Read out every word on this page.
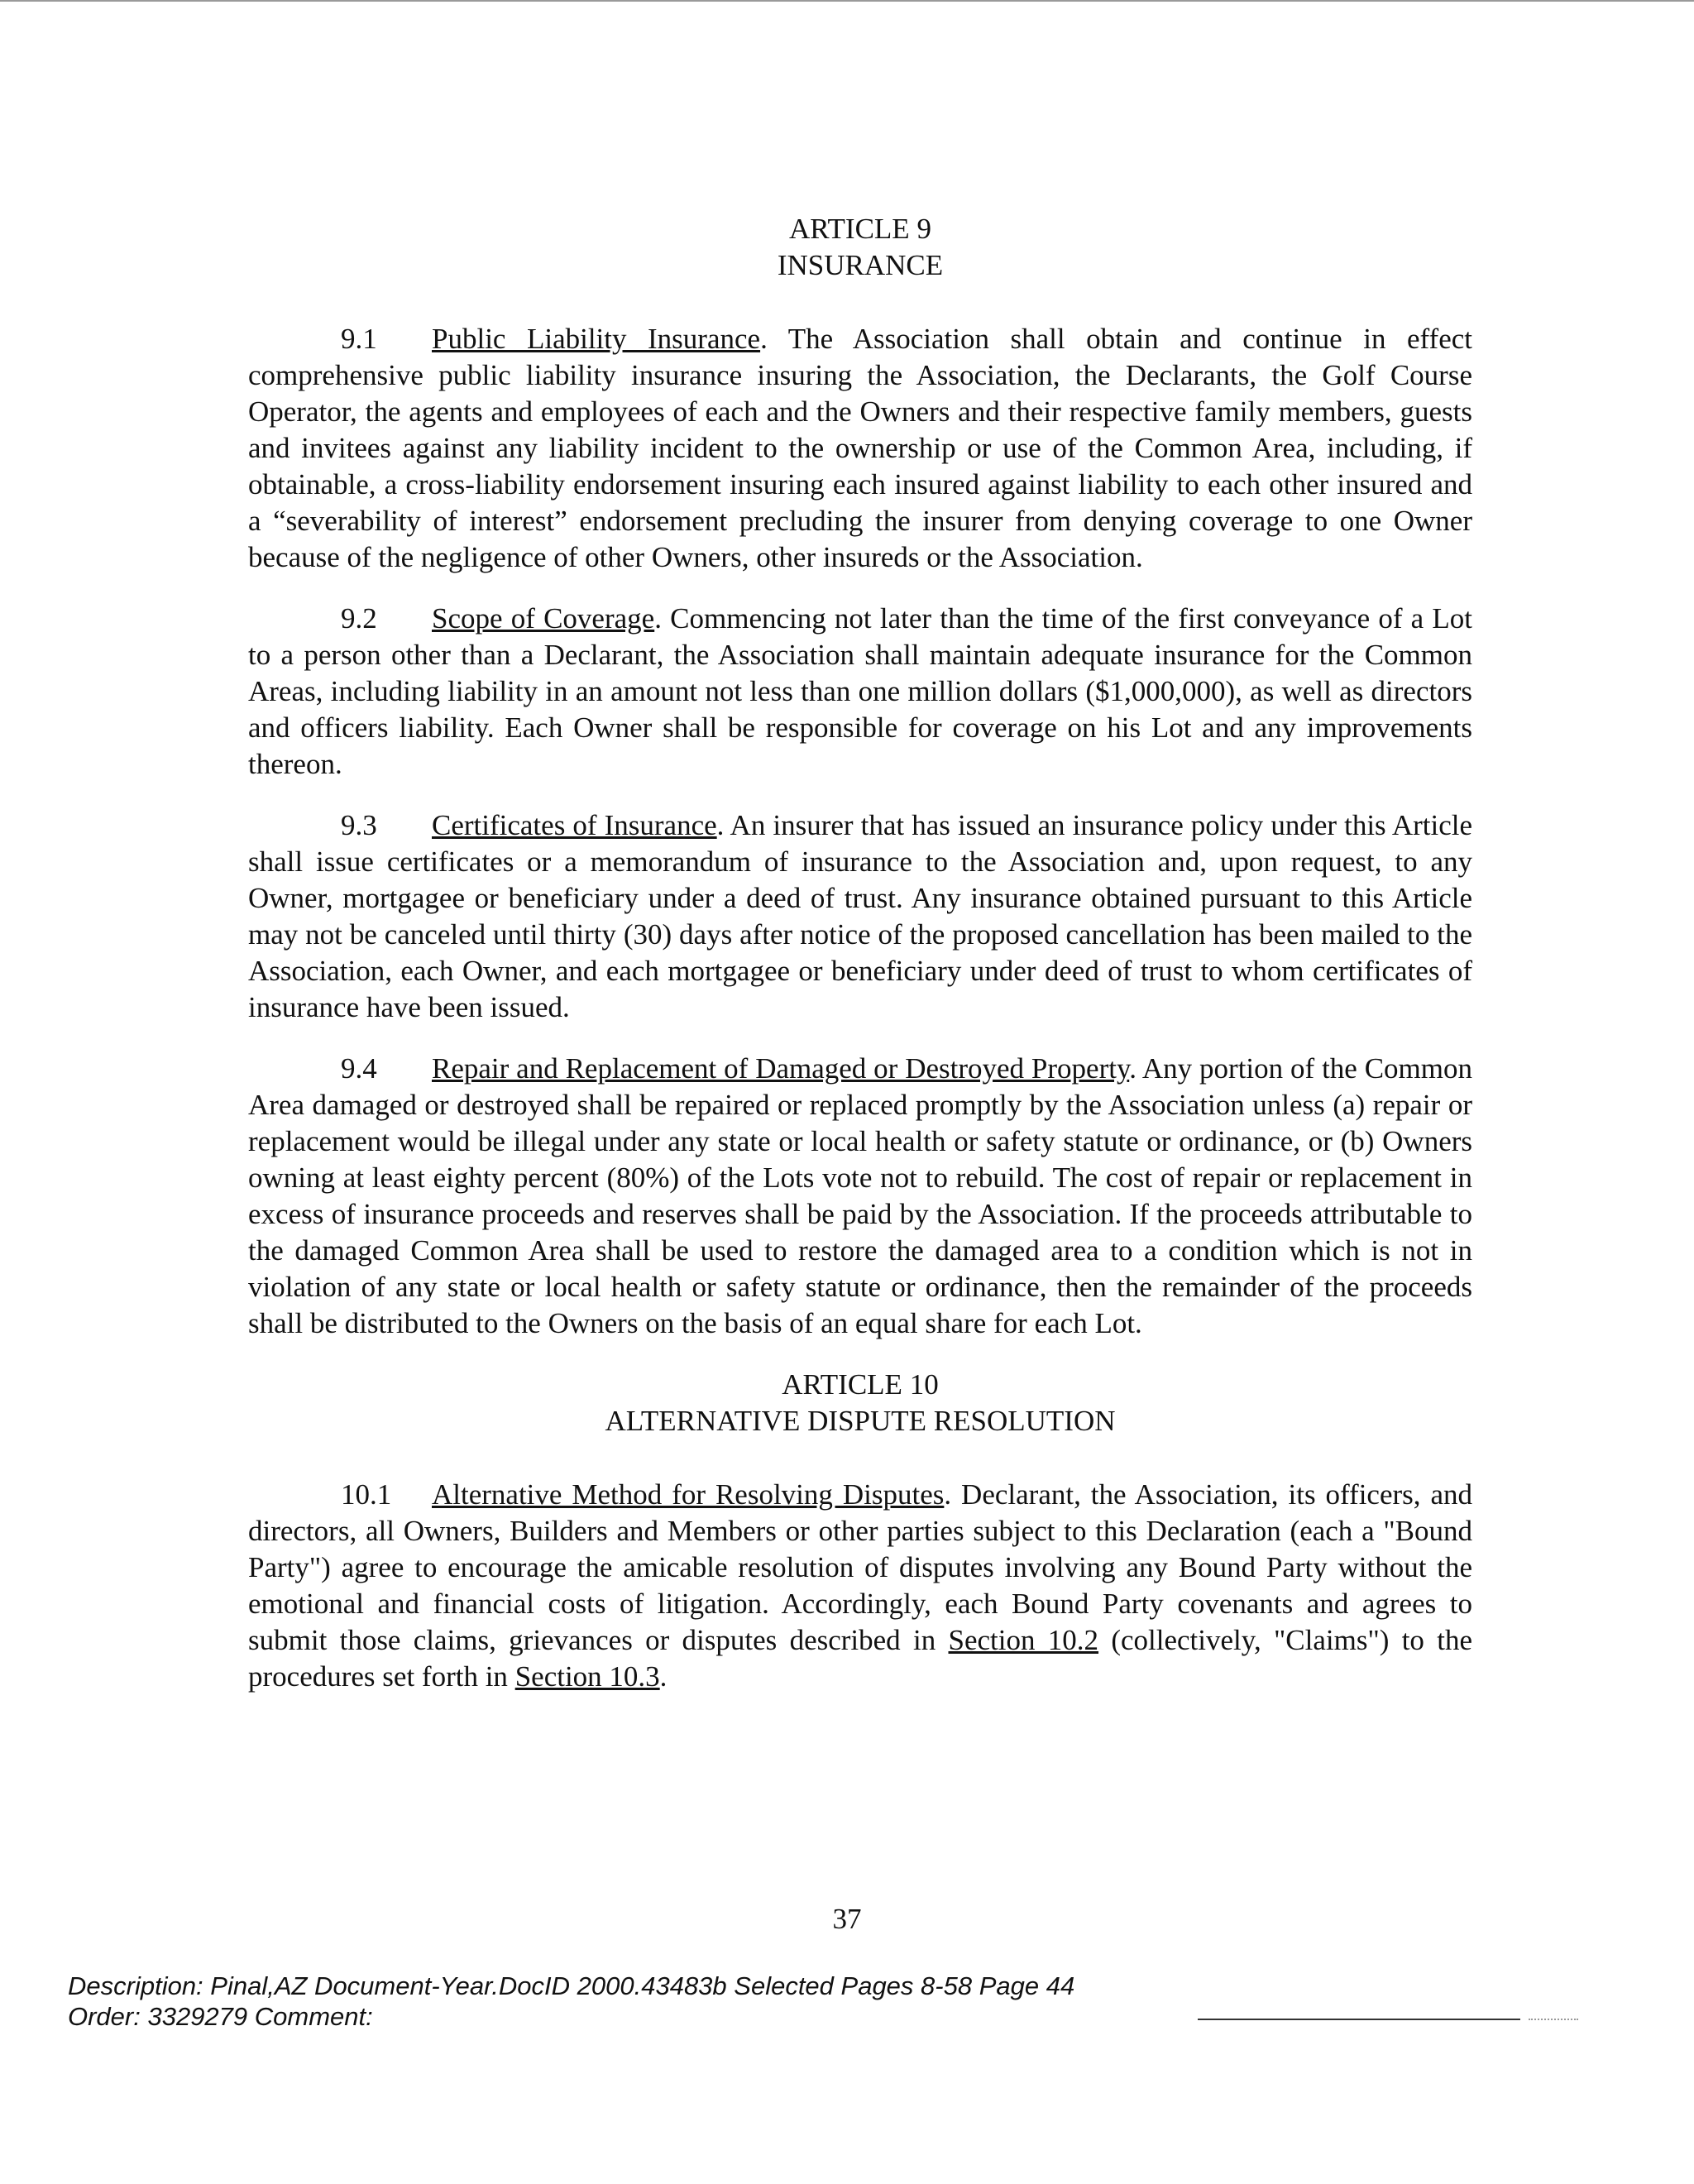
ARTICLE 9

INSURANCE

9.1 Public Liability Insurance. The Association shall obtain and continue in effect comprehensive public liability insurance insuring the Association, the Declarants, the Golf Course Operator, the agents and employees of each and the Owners and their respective family members, guests and invitees against any liability incident to the ownership or use of the Common Area, including, if obtainable, a cross-liability endorsement insuring each insured against liability to each other insured and a “severability of interest” endorsement precluding the insurer from denying coverage to one Owner because of the negligence of other Owners, other insureds or the Association.

9.2 Scope of Coverage. Commencing not later than the time of the first conveyance of a Lot to a person other than a Declarant, the Association shall maintain adequate insurance for the Common Areas, including liability in an amount not less than one million dollars ($1,000,000), as well as directors and officers liability. Each Owner shall be responsible for coverage on his Lot and any improvements thereon.

9.3 Certificates of Insurance. An insurer that has issued an insurance policy under this Article shall issue certificates or a memorandum of insurance to the Association and, upon request, to any Owner, mortgagee or beneficiary under a deed of trust. Any insurance obtained pursuant to this Article may not be canceled until thirty (30) days after notice of the proposed cancellation has been mailed to the Association, each Owner, and each mortgagee or beneficiary under deed of trust to whom certificates of insurance have been issued.

9.4 Repair and Replacement of Damaged or Destroyed Property. Any portion of the Common Area damaged or destroyed shall be repaired or replaced promptly by the Association unless (a) repair or replacement would be illegal under any state or local health or safety statute or ordinance, or (b) Owners owning at least eighty percent (80%) of the Lots vote not to rebuild. The cost of repair or replacement in excess of insurance proceeds and reserves shall be paid by the Association. If the proceeds attributable to the damaged Common Area shall be used to restore the damaged area to a condition which is not in violation of any state or local health or safety statute or ordinance, then the remainder of the proceeds shall be distributed to the Owners on the basis of an equal share for each Lot.

ARTICLE 10

ALTERNATIVE DISPUTE RESOLUTION

10.1 Alternative Method for Resolving Disputes. Declarant, the Association, its officers, and directors, all Owners, Builders and Members or other parties subject to this Declaration (each a "Bound Party") agree to encourage the amicable resolution of disputes involving any Bound Party without the emotional and financial costs of litigation. Accordingly, each Bound Party covenants and agrees to submit those claims, grievances or disputes described in Section 10.2 (collectively, "Claims") to the procedures set forth in Section 10.3.

37
Description: Pinal,AZ Document-Year.DocID 2000.43483b Selected Pages 8-58 Page 44
Order: 3329279 Comment:
